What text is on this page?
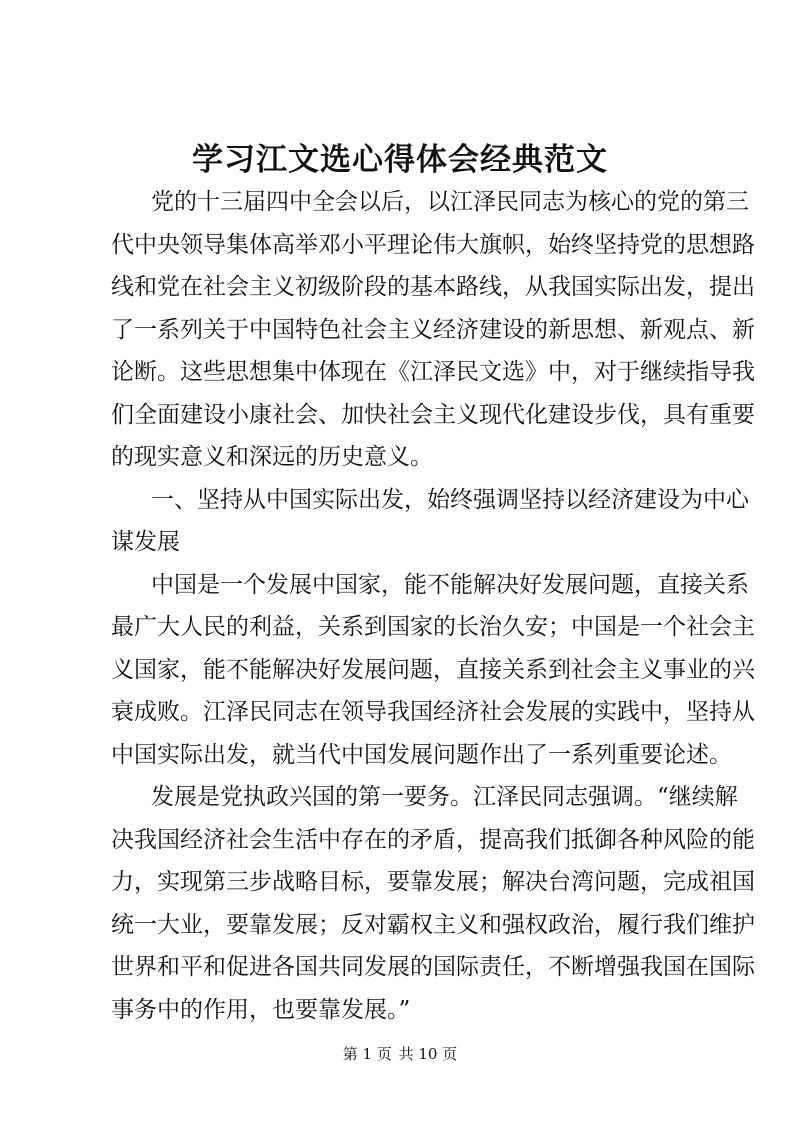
学习江文选心得体会经典范文
党的十三届四中全会以后，以江泽民同志为核心的党的第三
代中央领导集体高举邓小平理论伟大旗帜，始终坚持党的思想路
线和党在社会主义初级阶段的基本路线，从我国实际出发，提出
了一系列关于中国特色社会主义经济建设的新思想、新观点、新
论断。这些思想集中体现在《江泽民文选》中，对于继续指导我
们全面建设小康社会、加快社会主义现代化建设步伐，具有重要
的现实意义和深远的历史意义。
一、坚持从中国实际出发，始终强调坚持以经济建设为中心
谋发展
中国是一个发展中国家，能不能解决好发展问题，直接关系
最广大人民的利益，关系到国家的长治久安；中国是一个社会主
义国家，能不能解决好发展问题，直接关系到社会主义事业的兴
衰成败。江泽民同志在领导我国经济社会发展的实践中，坚持从
中国实际出发，就当代中国发展问题作出了一系列重要论述。
发展是党执政兴国的第一要务。江泽民同志强调。“继续解
决我国经济社会生活中存在的矛盾，提高我们抵御各种风险的能
力，实现第三步战略目标，要靠发展；解决台湾问题，完成祖国
统一大业，要靠发展；反对霸权主义和强权政治，履行我们维护
世界和平和促进各国共同发展的国际责任，不断增强我国在国际
事务中的作用，也要靠发展。”
第 1 页 共 10 页
